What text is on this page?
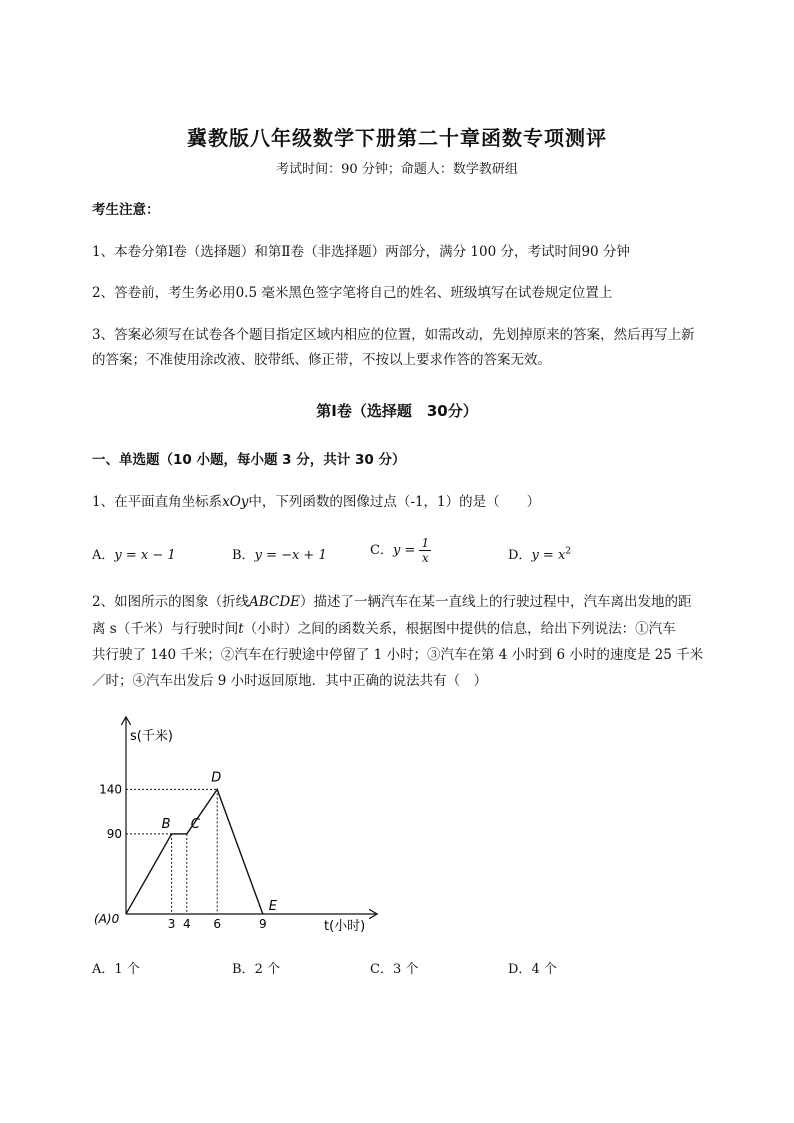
冀教版八年级数学下册第二十章函数专项测评
考试时间：90 分钟；命题人：数学教研组
考生注意：
1、本卷分第Ⅰ卷（选择题）和第Ⅱ卷（非选择题）两部分，满分 100 分，考试时间90 分钟
2、答卷前，考生务必用0.5 毫米黑色签字笔将自己的姓名、班级填写在试卷规定位置上
3、答案必须写在试卷各个题目指定区域内相应的位置，如需改动，先划掉原来的答案，然后再写上新
的答案；不准使用涂改液、胶带纸、修正带，不按以上要求作答的答案无效。
第Ⅰ卷（选择题　30分）
一、单选题（10 小题，每小题 3 分，共计 30 分）
1、在平面直角坐标系xOy中，下列函数的图像过点（-1，1）的是（　　）
A．y = x − 1	B．y = −x + 1	C．$y = \frac{1}{x}$	D．$y = x^2$
2、如图所示的图象（折线ABCDE）描述了一辆汽车在某一直线上的行驶过程中，汽车离出发地的距
离 s（千米）与行驶时间t（小时）之间的函数关系，根据图中提供的信息，给出下列说法：①汽车
共行驶了 140 千米；②汽车在行驶途中停留了 1 小时；③汽车在第 4 小时到 6 小时的速度是 25 千米
／时；④汽车出发后 9 小时返回原地．其中正确的说法共有（　）
s(千米)
t(小时)
(A)0	3 4 6	9
90
140
B C
D
E
A．1 个	B．2 个	C．3 个	D．4 个
